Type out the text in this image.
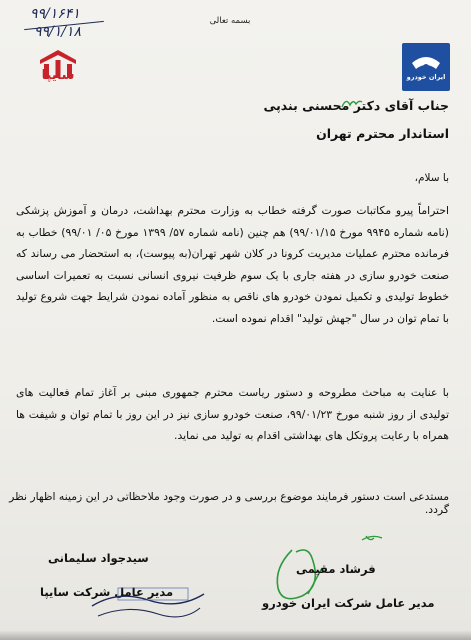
۹۹/۱۶۴۱
۹۹/۱/۱۸
بسمه تعالی
سایپا	ایران خودرو
جناب آقای دکتر محسنی بندپی
استاندار محترم تهران
با سلام،
احتراماً پیرو مکاتبات صورت گرفته خطاب به وزارت محترم بهداشت، درمان و آموزش پزشکی (نامه شماره ۹۹۴۵ مورخ ۹۹/۰۱/۱۵) هم چنین (نامه شماره ۵۷/ ۱۳۹۹ مورخ ۰۵/ ۹۹/۰۱) خطاب به فرمانده محترم عملیات مدیریت کرونا در کلان شهر تهران(به پیوست)، به استحضار می رساند که صنعت خودرو سازی در هفته جاری با یک سوم ظرفیت نیروی انسانی نسبت به تعمیرات اساسی خطوط تولیدی و تکمیل نمودن خودرو های ناقص به منظور آماده نمودن شرایط جهت شروع تولید با تمام توان در سال "جهش تولید" اقدام نموده است.
با عنایت به مباحث مطروحه و دستور ریاست محترم جمهوری مبنی بر آغاز تمام فعالیت های تولیدی از روز شنبه مورخ ۹۹/۰۱/۲۳، صنعت خودرو سازی نیز در این روز با تمام توان و شیفت ها همراه با رعایت پروتکل های بهداشتی اقدام به تولید می نماید.
مستدعی است دستور فرمایند موضوع بررسی و در صورت وجود ملاحظاتی در این زمینه اظهار نظر گردد.
فرشاد مقیمی
مدیر عامل شرکت ایران خودرو
سیدجواد سلیمانی
مدیر عامل شرکت سایپا
